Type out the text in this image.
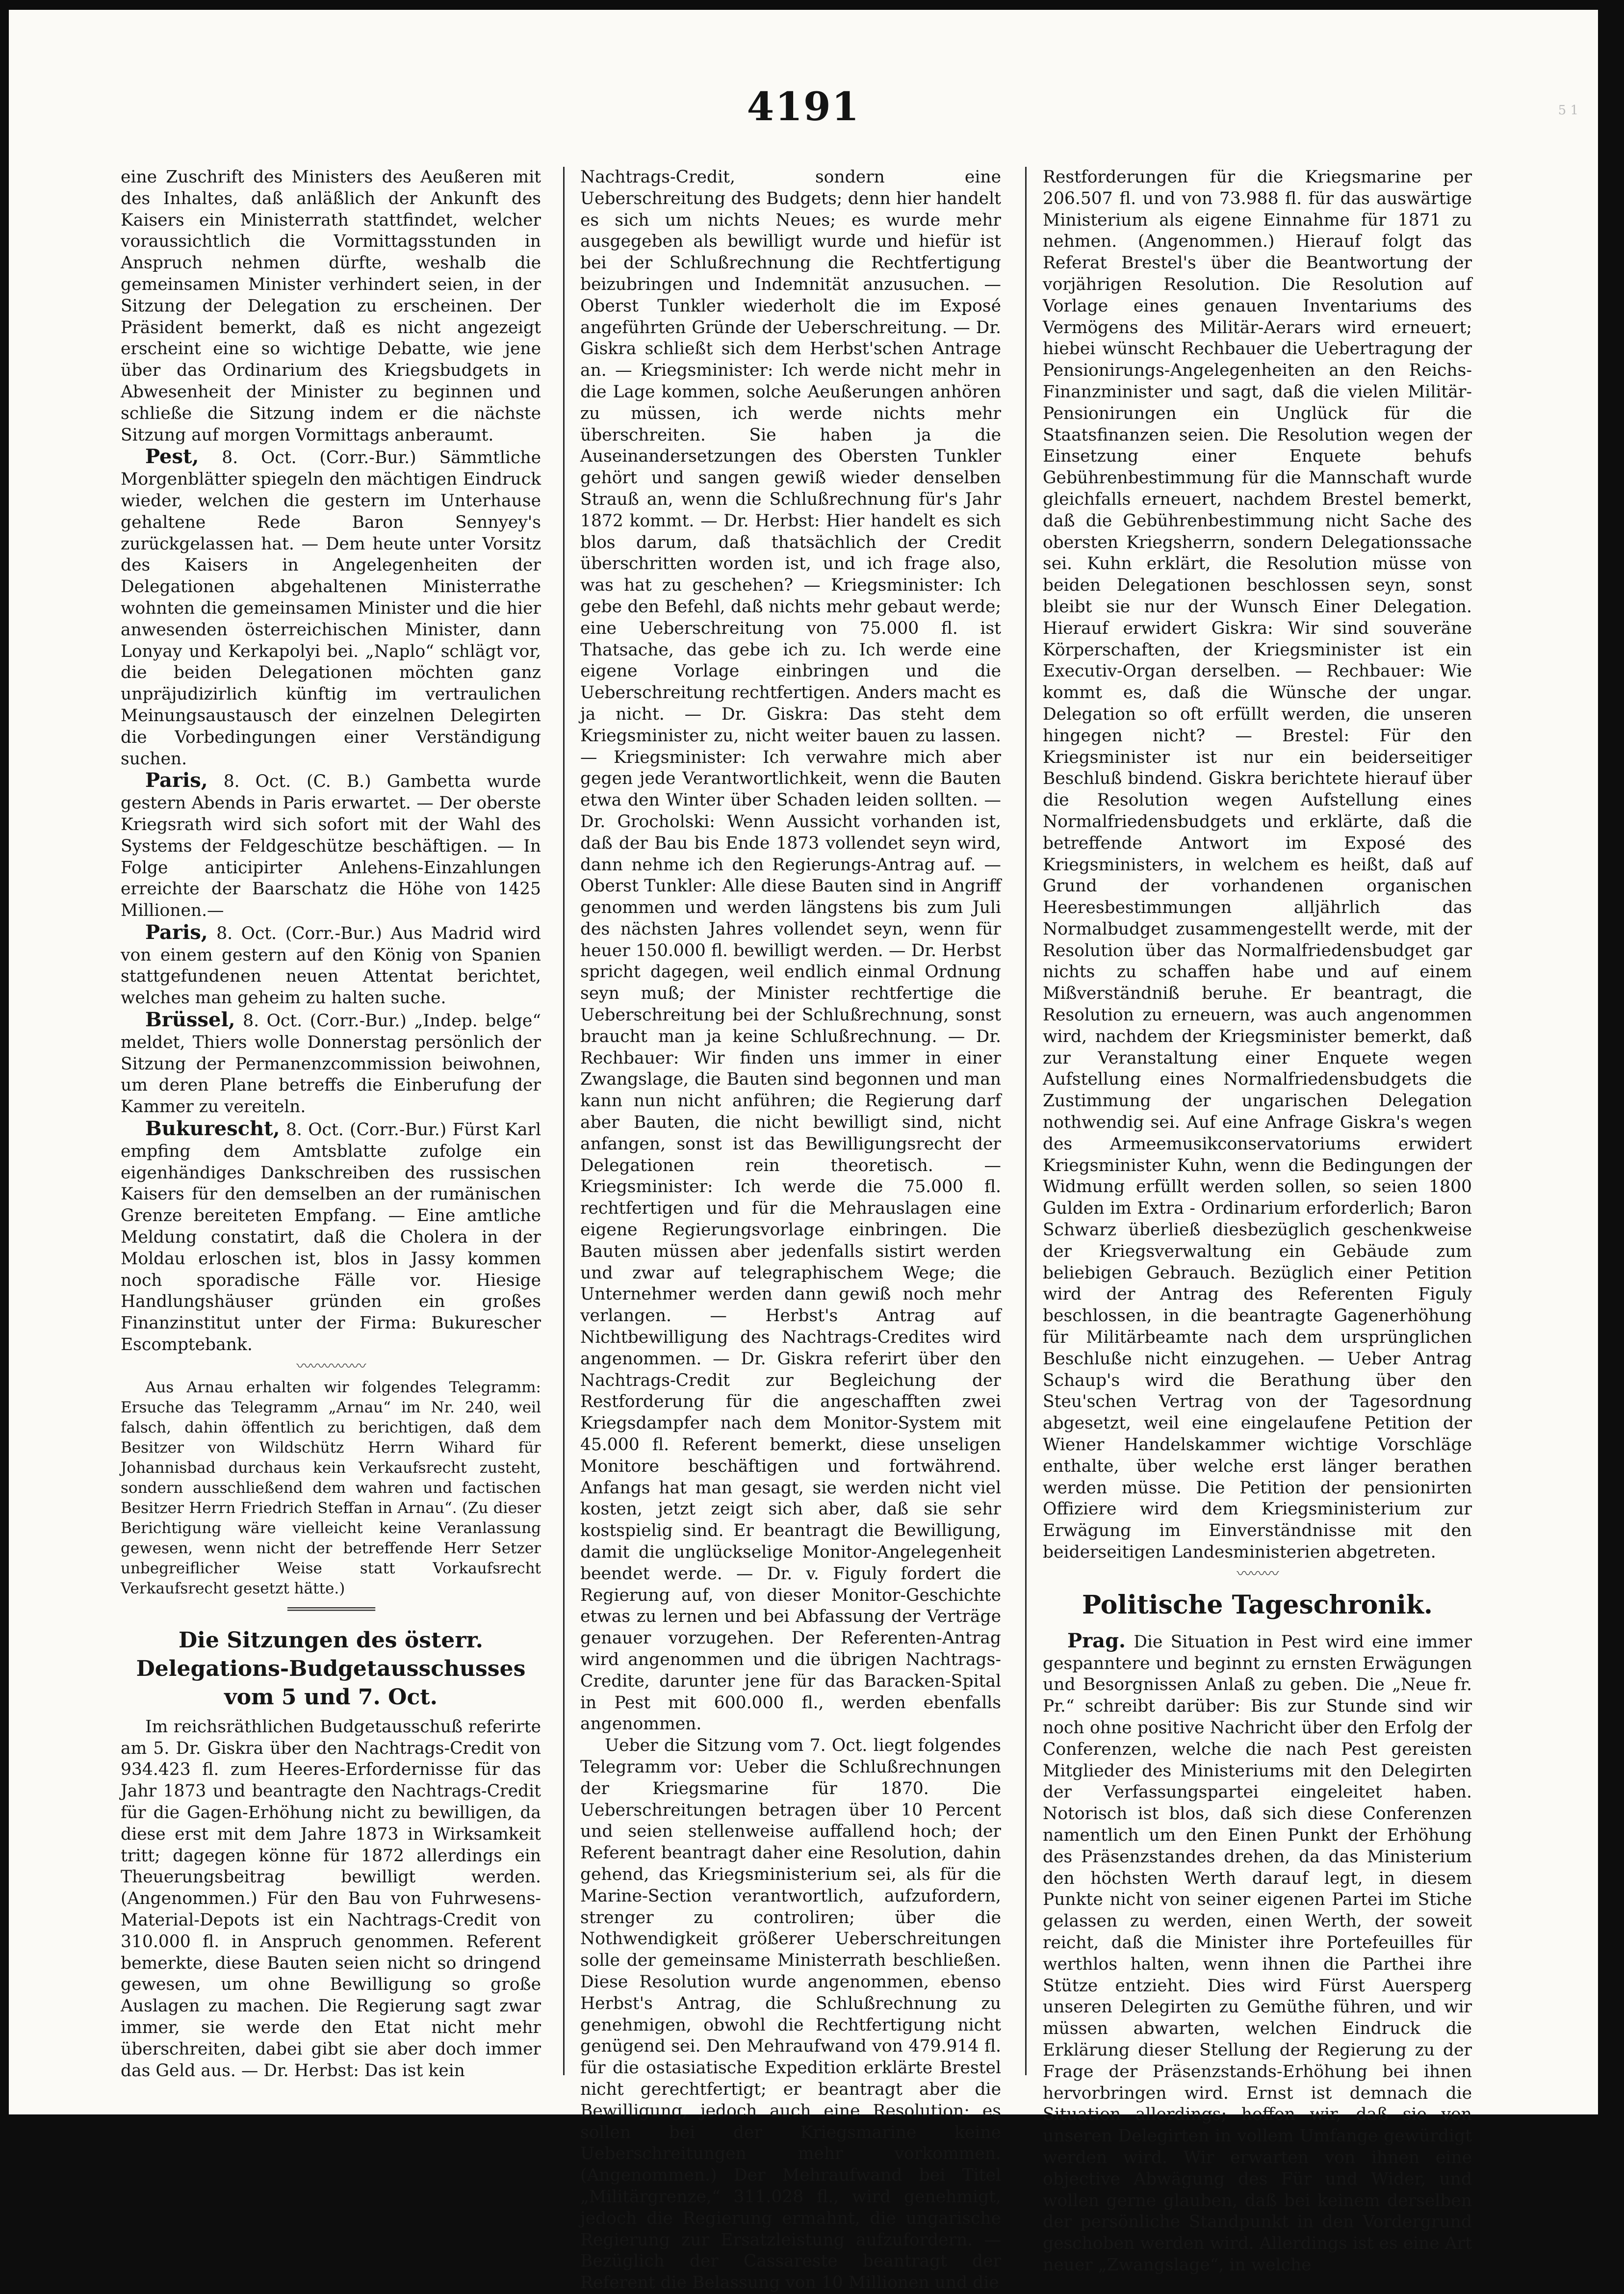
4191	5 1

eine Zuschrift des Ministers des Aeußeren mit des Inhaltes, daß anläßlich der Ankunft des Kaisers ein Ministerrath stattfindet, welcher voraussichtlich die Vormittagsstunden in Anspruch nehmen dürfte, weshalb die gemeinsamen Minister verhindert seien, in der Sitzung der Delegation zu erscheinen. Der Präsident bemerkt, daß es nicht angezeigt erscheint eine so wichtige Debatte, wie jene über das Ordinarium des Kriegsbudgets in Abwesenheit der Minister zu beginnen und schließe die Sitzung indem er die nächste Sitzung auf morgen Vormittags anberaumt.

Pest, 8. Oct. (Corr.-Bur.) Sämmtliche Morgenblätter spiegeln den mächtigen Eindruck wieder, welchen die gestern im Unterhause gehaltene Rede Baron Sennyey's zurückgelassen hat. — Dem heute unter Vorsitz des Kaisers in Angelegenheiten der Delegationen abgehaltenen Ministerrathe wohnten die gemeinsamen Minister und die hier anwesenden österreichischen Minister, dann Lonyay und Kerkapolyi bei. „Naplo“ schlägt vor, die beiden Delegationen möchten ganz unpräjudizirlich künftig im vertraulichen Meinungsaustausch der einzelnen Delegirten die Vorbedingungen einer Verständigung suchen.

Paris, 8. Oct. (C. B.) Gambetta wurde gestern Abends in Paris erwartet. — Der oberste Kriegsrath wird sich sofort mit der Wahl des Systems der Feldgeschütze beschäftigen. — In Folge anticipirter Anlehens-Einzahlungen erreichte der Baarschatz die Höhe von 1425 Millionen.—

Paris, 8. Oct. (Corr.-Bur.) Aus Madrid wird von einem gestern auf den König von Spanien stattgefundenen neuen Attentat berichtet, welches man geheim zu halten suche.

Brüssel, 8. Oct. (Corr.-Bur.) „Indep. belge“ meldet, Thiers wolle Donnerstag persönlich der Sitzung der Permanenzcommission beiwohnen, um deren Plane betreffs die Einberufung der Kammer zu vereiteln.

Bukurescht, 8. Oct. (Corr.-Bur.) Fürst Karl empfing dem Amtsblatte zufolge ein eigenhändiges Dankschreiben des russischen Kaisers für den demselben an der rumänischen Grenze bereiteten Empfang. — Eine amtliche Meldung constatirt, daß die Cholera in der Moldau erloschen ist, blos in Jassy kommen noch sporadische Fälle vor. Hiesige Handlungshäuser gründen ein großes Finanzinstitut unter der Firma: Bukurescher Escomptebank.

〰〰〰〰〰

Aus Arnau erhalten wir folgendes Telegramm: Ersuche das Telegramm „Arnau“ im Nr. 240, weil falsch, dahin öffentlich zu berichtigen, daß dem Besitzer von Wildschütz Herrn Wihard für Johannisbad durchaus kein Verkaufsrecht zusteht, sondern ausschließend dem wahren und factischen Besitzer Herrn Friedrich Steffan in Arnau“. (Zu dieser Berichtigung wäre vielleicht keine Veranlassung gewesen, wenn nicht der betreffende Herr Setzer unbegreiflicher Weise statt Vorkaufsrecht Verkaufsrecht gesetzt hätte.)

═══════════
Die Sitzungen des österr. Delegations-Budgetausschusses vom 5 und 7. Oct.

Im reichsräthlichen Budgetausschuß referirte am 5. Dr. Giskra über den Nachtrags-Credit von 934.423 fl. zum Heeres-Erfordernisse für das Jahr 1873 und beantragte den Nachtrags-Credit für die Gagen-Erhöhung nicht zu bewilligen, da diese erst mit dem Jahre 1873 in Wirksamkeit tritt; dagegen könne für 1872 allerdings ein Theuerungsbeitrag bewilligt werden. (Angenommen.) Für den Bau von Fuhrwesens-Material-Depots ist ein Nachtrags-Credit von 310.000 fl. in Anspruch genommen. Referent bemerkte, diese Bauten seien nicht so dringend gewesen, um ohne Bewilligung so große Auslagen zu machen. Die Regierung sagt zwar immer, sie werde den Etat nicht mehr überschreiten, dabei gibt sie aber doch immer das Geld aus. — Dr. Herbst: Das ist kein

Nachtrags-Credit, sondern eine Ueberschreitung des Budgets; denn hier handelt es sich um nichts Neues; es wurde mehr ausgegeben als bewilligt wurde und hiefür ist bei der Schlußrechnung die Rechtfertigung beizubringen und Indemnität anzusuchen. — Oberst Tunkler wiederholt die im Exposé angeführten Gründe der Ueberschreitung. — Dr. Giskra schließt sich dem Herbst'schen Antrage an. — Kriegsminister: Ich werde nicht mehr in die Lage kommen, solche Aeußerungen anhören zu müssen, ich werde nichts mehr überschreiten. Sie haben ja die Auseinandersetzungen des Obersten Tunkler gehört und sangen gewiß wieder denselben Strauß an, wenn die Schlußrechnung für's Jahr 1872 kommt. — Dr. Herbst: Hier handelt es sich blos darum, daß thatsächlich der Credit überschritten worden ist, und ich frage also, was hat zu geschehen? — Kriegsminister: Ich gebe den Befehl, daß nichts mehr gebaut werde; eine Ueberschreitung von 75.000 fl. ist Thatsache, das gebe ich zu. Ich werde eine eigene Vorlage einbringen und die Ueberschreitung rechtfertigen. Anders macht es ja nicht. — Dr. Giskra: Das steht dem Kriegsminister zu, nicht weiter bauen zu lassen. — Kriegsminister: Ich verwahre mich aber gegen jede Verantwortlichkeit, wenn die Bauten etwa den Winter über Schaden leiden sollten. — Dr. Grocholski: Wenn Aussicht vorhanden ist, daß der Bau bis Ende 1873 vollendet seyn wird, dann nehme ich den Regierungs-Antrag auf. — Oberst Tunkler: Alle diese Bauten sind in Angriff genommen und werden längstens bis zum Juli des nächsten Jahres vollendet seyn, wenn für heuer 150.000 fl. bewilligt werden. — Dr. Herbst spricht dagegen, weil endlich einmal Ordnung seyn muß; der Minister rechtfertige die Ueberschreitung bei der Schlußrechnung, sonst braucht man ja keine Schlußrechnung. — Dr. Rechbauer: Wir finden uns immer in einer Zwangslage, die Bauten sind begonnen und man kann nun nicht anführen; die Regierung darf aber Bauten, die nicht bewilligt sind, nicht anfangen, sonst ist das Bewilligungsrecht der Delegationen rein theoretisch. — Kriegsminister: Ich werde die 75.000 fl. rechtfertigen und für die Mehrauslagen eine eigene Regierungsvorlage einbringen. Die Bauten müssen aber jedenfalls sistirt werden und zwar auf telegraphischem Wege; die Unternehmer werden dann gewiß noch mehr verlangen. — Herbst's Antrag auf Nichtbewilligung des Nachtrags-Credites wird angenommen. — Dr. Giskra referirt über den Nachtrags-Credit zur Begleichung der Restforderung für die angeschafften zwei Kriegsdampfer nach dem Monitor-System mit 45.000 fl. Referent bemerkt, diese unseligen Monitore beschäftigen und fortwährend. Anfangs hat man gesagt, sie werden nicht viel kosten, jetzt zeigt sich aber, daß sie sehr kostspielig sind. Er beantragt die Bewilligung, damit die unglückselige Monitor-Angelegenheit beendet werde. — Dr. v. Figuly fordert die Regierung auf, von dieser Monitor-Geschichte etwas zu lernen und bei Abfassung der Verträge genauer vorzugehen. Der Referenten-Antrag wird angenommen und die übrigen Nachtrags-Credite, darunter jene für das Baracken-Spital in Pest mit 600.000 fl., werden ebenfalls angenommen.

Ueber die Sitzung vom 7. Oct. liegt folgendes Telegramm vor: Ueber die Schlußrechnungen der Kriegsmarine für 1870. Die Ueberschreitungen betragen über 10 Percent und seien stellenweise auffallend hoch; der Referent beantragt daher eine Resolution, dahin gehend, das Kriegsministerium sei, als für die Marine-Section verantwortlich, aufzufordern, strenger zu controliren; über die Nothwendigkeit größerer Ueberschreitungen solle der gemeinsame Ministerrath beschließen. Diese Resolution wurde angenommen, ebenso Herbst's Antrag, die Schlußrechnung zu genehmigen, obwohl die Rechtfertigung nicht genügend sei. Den Mehraufwand von 479.914 fl. für die ostasiatische Expedition erklärte Brestel nicht gerechtfertigt; er beantragt aber die Bewilligung, jedoch auch eine Resolution: es sollen bei der Kriegsmarine keine Ueberschreitungen mehr vorkommen. (Angenommen.) Der Mehraufwand bei Titel „Militärgrenze,“ 311.028 fl., wird genehmigt, jedoch die Regierung ermahnt, die ungarische Regierung zur Ersatzleistung aufzufordern. — Bezüglich der Cassareste beantragt der Referent die Belassung von 10 Millionen und die

Restforderungen für die Kriegsmarine per 206.507 fl. und von 73.988 fl. für das auswärtige Ministerium als eigene Einnahme für 1871 zu nehmen. (Angenommen.) Hierauf folgt das Referat Brestel's über die Beantwortung der vorjährigen Resolution. Die Resolution auf Vorlage eines genauen Inventariums des Vermögens des Militär-Aerars wird erneuert; hiebei wünscht Rechbauer die Uebertragung der Pensionirungs-Angelegenheiten an den Reichs-Finanzminister und sagt, daß die vielen Militär-Pensionirungen ein Unglück für die Staatsfinanzen seien. Die Resolution wegen der Einsetzung einer Enquete behufs Gebührenbestimmung für die Mannschaft wurde gleichfalls erneuert, nachdem Brestel bemerkt, daß die Gebührenbestimmung nicht Sache des obersten Kriegsherrn, sondern Delegationssache sei. Kuhn erklärt, die Resolution müsse von beiden Delegationen beschlossen seyn, sonst bleibt sie nur der Wunsch Einer Delegation. Hierauf erwidert Giskra: Wir sind souveräne Körperschaften, der Kriegsminister ist ein Executiv-Organ derselben. — Rechbauer: Wie kommt es, daß die Wünsche der ungar. Delegation so oft erfüllt werden, die unseren hingegen nicht? — Brestel: Für den Kriegsminister ist nur ein beiderseitiger Beschluß bindend. Giskra berichtete hierauf über die Resolution wegen Aufstellung eines Normalfriedensbudgets und erklärte, daß die betreffende Antwort im Exposé des Kriegsministers, in welchem es heißt, daß auf Grund der vorhandenen organischen Heeresbestimmungen alljährlich das Normalbudget zusammengestellt werde, mit der Resolution über das Normalfriedensbudget gar nichts zu schaffen habe und auf einem Mißverständniß beruhe. Er beantragt, die Resolution zu erneuern, was auch angenommen wird, nachdem der Kriegsminister bemerkt, daß zur Veranstaltung einer Enquete wegen Aufstellung eines Normalfriedensbudgets die Zustimmung der ungarischen Delegation nothwendig sei. Auf eine Anfrage Giskra's wegen des Armeemusikconservatoriums erwidert Kriegsminister Kuhn, wenn die Bedingungen der Widmung erfüllt werden sollen, so seien 1800 Gulden im Extra - Ordinarium erforderlich; Baron Schwarz überließ diesbezüglich geschenkweise der Kriegsverwaltung ein Gebäude zum beliebigen Gebrauch. Bezüglich einer Petition wird der Antrag des Referenten Figuly beschlossen, in die beantragte Gagenerhöhung für Militärbeamte nach dem ursprünglichen Beschluße nicht einzugehen. — Ueber Antrag Schaup's wird die Berathung über den Steu'schen Vertrag von der Tagesordnung abgesetzt, weil eine eingelaufene Petition der Wiener Handelskammer wichtige Vorschläge enthalte, über welche erst länger berathen werden müsse. Die Petition der pensionirten Offiziere wird dem Kriegsministerium zur Erwägung im Einverständnisse mit den beiderseitigen Landesministerien abgetreten.

〰〰〰
Politische Tageschronik.

Prag. Die Situation in Pest wird eine immer gespanntere und beginnt zu ernsten Erwägungen und Besorgnissen Anlaß zu geben. Die „Neue fr. Pr.“ schreibt darüber: Bis zur Stunde sind wir noch ohne positive Nachricht über den Erfolg der Conferenzen, welche die nach Pest gereisten Mitglieder des Ministeriums mit den Delegirten der Verfassungspartei eingeleitet haben. Notorisch ist blos, daß sich diese Conferenzen namentlich um den Einen Punkt der Erhöhung des Präsenzstandes drehen, da das Ministerium den höchsten Werth darauf legt, in diesem Punkte nicht von seiner eigenen Partei im Stiche gelassen zu werden, einen Werth, der soweit reicht, daß die Minister ihre Portefeuilles für werthlos halten, wenn ihnen die Parthei ihre Stütze entzieht. Dies wird Fürst Auersperg unseren Delegirten zu Gemüthe führen, und wir müssen abwarten, welchen Eindruck die Erklärung dieser Stellung der Regierung zu der Frage der Präsenzstands-Erhöhung bei ihnen hervorbringen wird. Ernst ist demnach die Situation allerdings; hoffen wir, daß sie von unseren Delegirten in vollem Umfange gewürdigt werden wird. Wir erwarten von ihnen eine objective Abwägung des Für und Wider, und wollen gerne glauben, daß bei keinem derselben der persönliche Standpunkt in den Vordergrund geschoben werden wird. Allerdings ist es eine Art neuer „Zwangslage“, in welche
